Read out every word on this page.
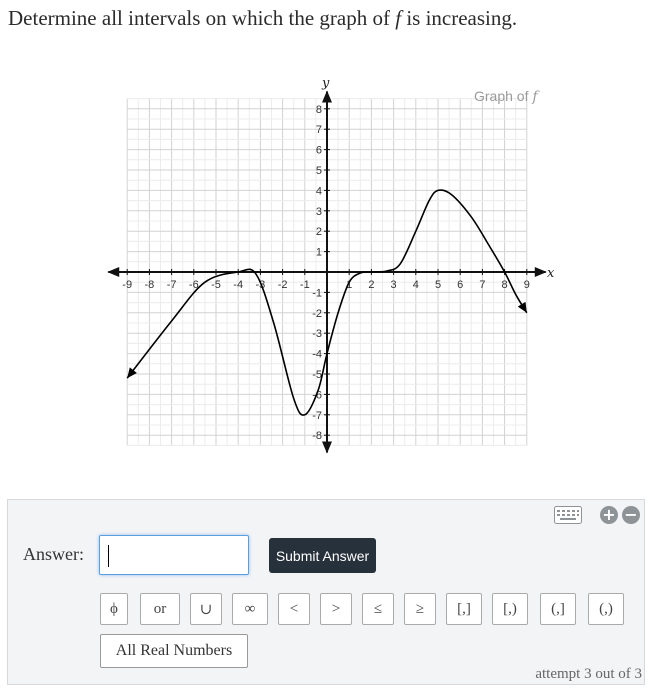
Determine all intervals on which the graph of f is increasing.
-9 -8 -7 -6 -5 -4 -3 -2 -1	1 2 3 4 5 6 7 8 9
8
7
6
5
4
3
2
1
-1
-2
-3
-4
-5
-6
-7
-8
Graph of f
x
y
+ −
Answer:	Submit Answer
ϕ	or	∪	∞	<	>	≤	≥	[,]	[,)	(,]	(,)
All Real Numbers
attempt 3 out of 3
